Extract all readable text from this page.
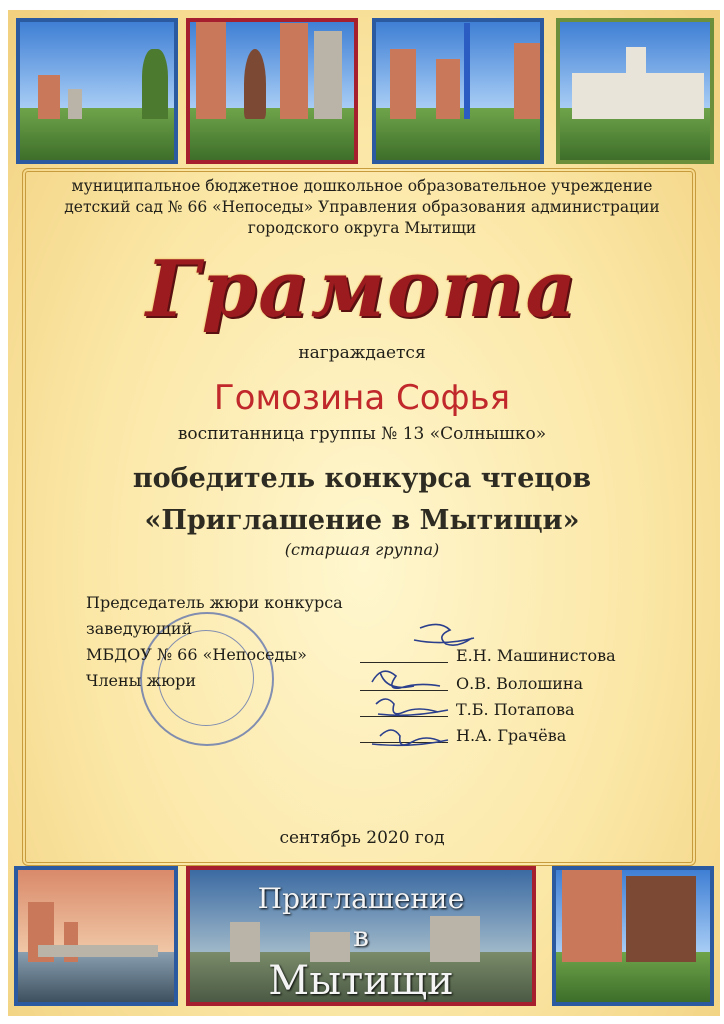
муниципальное бюджетное дошкольное образовательное учреждение
детский сад № 66 «Непоседы» Управления образования администрации
городского округа Мытищи
Грамота
награждается
Гомозина Софья
воспитанница группы № 13 «Солнышко»
победитель конкурса чтецов
«Приглашение в Мытищи»
(старшая группа)
Председатель жюри конкурса
заведующий
МБДОУ № 66 «Непоседы»
Члены жюри
Е.Н. Машинистова
О.В. Волошина
Т.Б. Потапова
Н.А. Грачёва
сентябрь 2020 год
Приглашение
в
Мытищи
